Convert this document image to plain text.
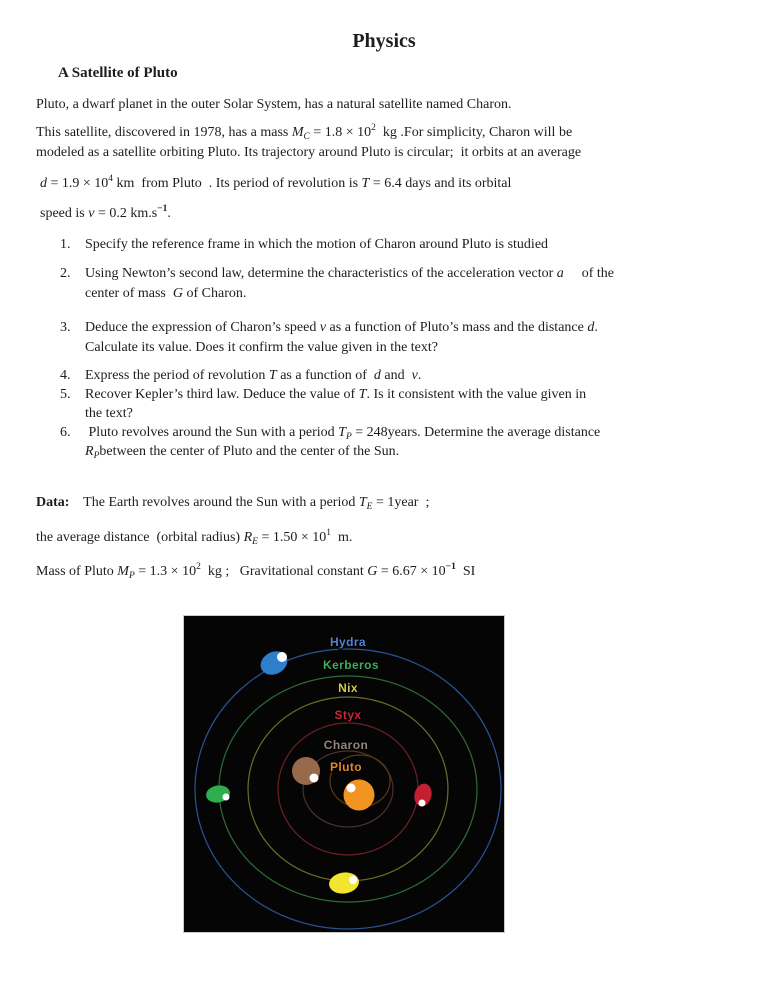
Physics
A Satellite of Pluto
Pluto, a dwarf planet in the outer Solar System, has a natural satellite named Charon.
This satellite, discovered in 1978, has a mass $M_C = 1.8 \times 10^2$  kg .For simplicity, Charon will be
modeled as a satellite orbiting Pluto. Its trajectory around Pluto is circular;  it orbits at an average
$d = 1.9 \times 10^4$ km  from Pluto  . Its period of revolution is T = 6.4 days and its orbital
speed is v = 0.2 $km.s^{-1}$.
1. Specify the reference frame in which the motion of Charon around Pluto is studied
2. Using Newton’s second law, determine the characteristics of the acceleration vector a⃗  of the
center of mass  G of Charon.
3. Deduce the expression of Charon’s speed v as a function of Pluto’s mass and the distance d.
Calculate its value. Does it confirm the value given in the text?
4. Express the period of revolution T as a function of  d and  v.
5. Recover Kepler’s third law. Deduce the value of T. Is it consistent with the value given in
the text?
6. Pluto revolves around the Sun with a period $T_P$ = 248years. Determine the average distance
$R_Pbetween$ the center of Pluto and the center of the Sun.
Data:    The Earth revolves around the Sun with a period $T_E$ = 1year  ;
the average distance  (orbital radius) $R_E = 1.50 \times 10^1$  m.
Mass of Pluto $M_P = 1.3 \times 10^2$  kg ;   Gravitational constant $G = 6.67 \times 10^{-1}$  SI
Hydra
Kerberos
Nix
Styx
Charon
Pluto
